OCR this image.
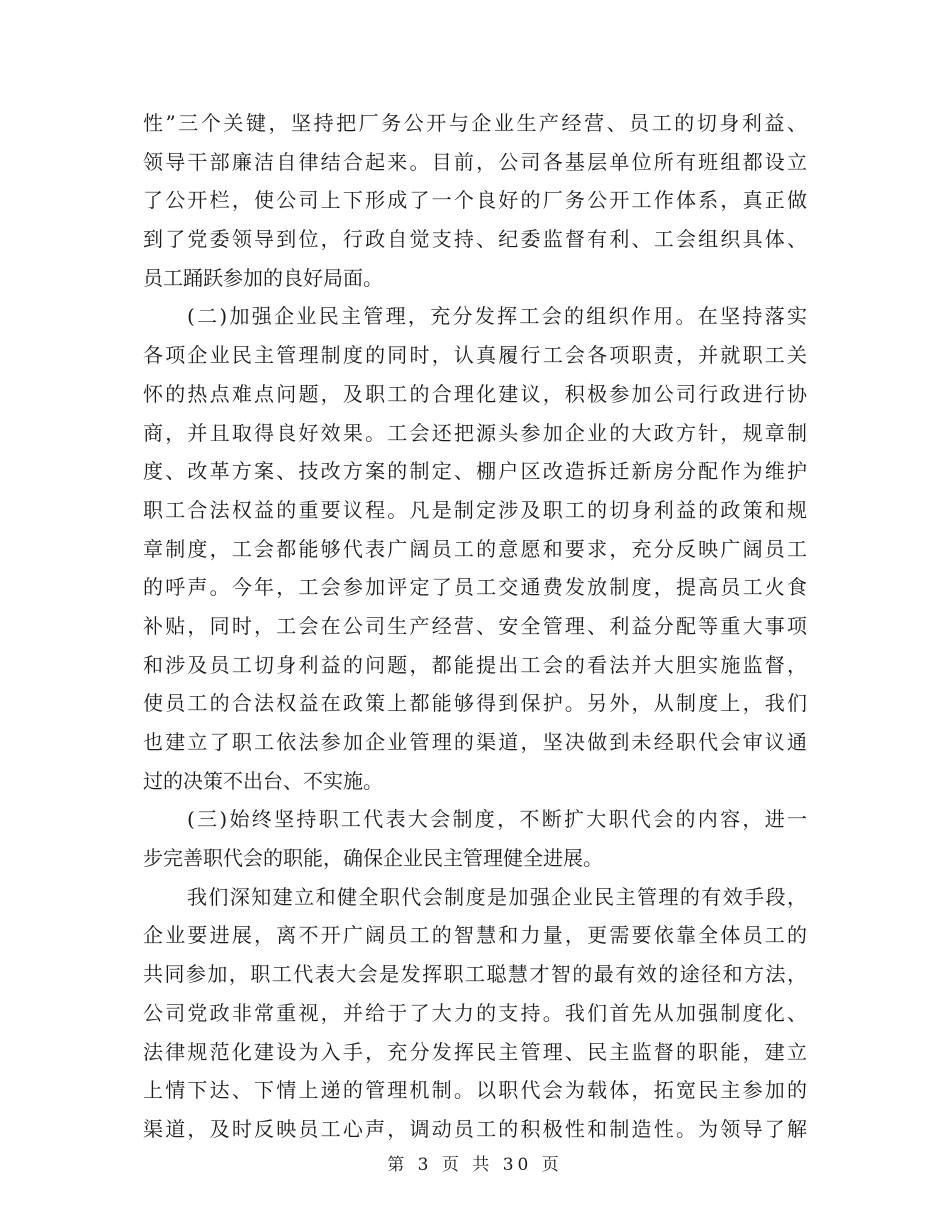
性”三个关键，坚持把厂务公开与企业生产经营、员工的切身利益、
领导干部廉洁自律结合起来。目前，公司各基层单位所有班组都设立
了公开栏，使公司上下形成了一个良好的厂务公开工作体系，真正做
到了党委领导到位，行政自觉支持、纪委监督有利、工会组织具体、
员工踊跃参加的良好局面。
(二)加强企业民主管理，充分发挥工会的组织作用。在坚持落实
各项企业民主管理制度的同时，认真履行工会各项职责，并就职工关
怀的热点难点问题，及职工的合理化建议，积极参加公司行政进行协
商，并且取得良好效果。工会还把源头参加企业的大政方针，规章制
度、改革方案、技改方案的制定、棚户区改造拆迁新房分配作为维护
职工合法权益的重要议程。凡是制定涉及职工的切身利益的政策和规
章制度，工会都能够代表广阔员工的意愿和要求，充分反映广阔员工
的呼声。今年，工会参加评定了员工交通费发放制度，提高员工火食
补贴，同时，工会在公司生产经营、安全管理、利益分配等重大事项
和涉及员工切身利益的问题，都能提出工会的看法并大胆实施监督，
使员工的合法权益在政策上都能够得到保护。另外，从制度上，我们
也建立了职工依法参加企业管理的渠道，坚决做到未经职代会审议通
过的决策不出台、不实施。
(三)始终坚持职工代表大会制度，不断扩大职代会的内容，进一
步完善职代会的职能，确保企业民主管理健全进展。
我们深知建立和健全职代会制度是加强企业民主管理的有效手段，
企业要进展，离不开广阔员工的智慧和力量，更需要依靠全体员工的
共同参加，职工代表大会是发挥职工聪慧才智的最有效的途径和方法，
公司党政非常重视，并给于了大力的支持。我们首先从加强制度化、
法律规范化建设为入手，充分发挥民主管理、民主监督的职能，建立
上情下达、下情上递的管理机制。以职代会为载体，拓宽民主参加的
渠道，及时反映员工心声，调动员工的积极性和制造性。为领导了解
第 3 页 共 30 页
